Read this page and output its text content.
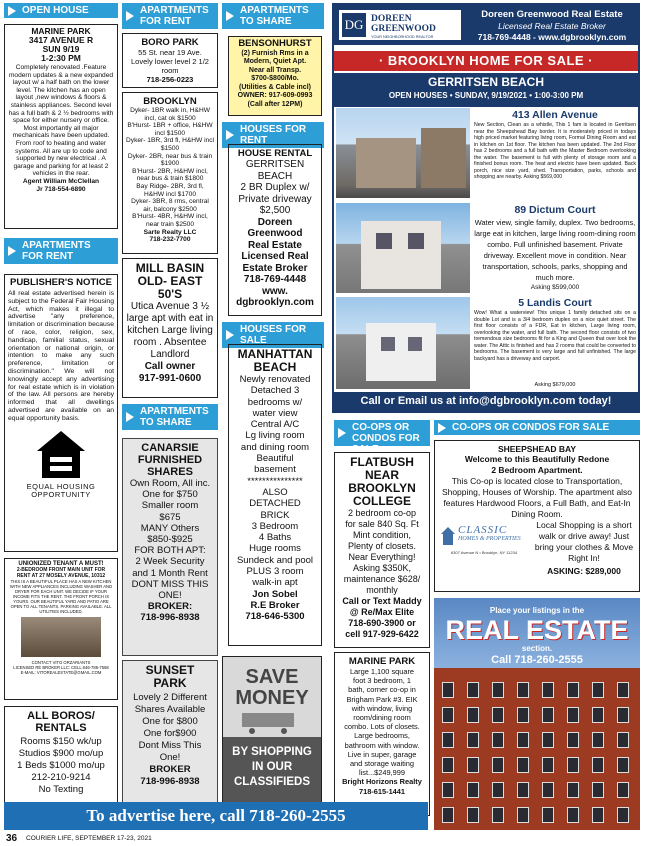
OPEN HOUSE
MARINE PARK
3417 AVENUE R
SUN 9/19
1-2:30 PM
Completely renovated .Feature modern updates & a new expanded layout w/ a half bath on the lower level. The kitchen has an open layout ,new windows & floors & stainless appliances. Second level has a full bath & 2 ½ bedrooms with space for either nursery or office. Most importantly all major mechanicals have been updated. From roof to heating and water systems. All are up to code and supported by new electrical . A garage and parking for at least 2 vehicles in the rear.
Agent William McClellan
Jr 718-554-6890
APARTMENTS FOR RENT
PUBLISHER'S NOTICE
All real estate advertised herein is subject to the Federal Fair Housing Act, which makes it illegal to advertise "any preference, limitation or discrimination because of race, color, religion, sex, handicap, familial status, sexual orientation or national origin, or intention to make any such preference, limitation or discrimination." We will not knowingly accept any advertising for real estate which is in violation of the law. All persons are hereby informed that all dwellings advertised are available on an equal opportunity basis.
EQUAL HOUSING OPPORTUNITY
UNIONIZED TENANT A MUST!
2-BEDROOM FRONT MAIN UNIT FOR
RENT AT 27 MOSELY AVENUE, 10312
THIS IS A BEAUTIFUL PLACE HAS A NEW KITCHEN WITH NEW APPLIANCES INCLUDING WASHER AND DRYER FOR EACH UNIT. WE DECIDE IF YOUR INCOME FITS THE RENT. THE FRONT PORCH IS YOURS. OUR BEAUTIFUL YARD AND PATIO ARE OPEN TO ALL TENANTS. PARKING AVAILABLE. ALL UTILITIES INCLUDED.
CONTACT VITO ORZARIANTS
LICENSED RE BROKER LLC: CELL 646-785-7568
E-MAIL: VITOREALESTATE@GMAIL.COM
ALL BOROS/
RENTALS
Rooms $150 wk/up
Studios $900 mo/up
1 Beds $1000 mo/up
212-210-9214
No Texting
APARTMENTS FOR RENT
BORO PARK
55 St. near 19 Ave.
Lovely lower level 2 1/2
room
718-256-0223
BROOKLYN
Dyker- 1BR walk in, H&HW incl, cat ok $1500
B'Hurst- 1BR + office, H&HW incl $1500
Dyker- 1BR, 3rd fl, H&HW incl $1500
Dyker- 2BR, near bus & train $1900
B'Hurst- 2BR, H&HW incl, near bus & train $1800
Bay Ridge- 2BR, 3rd fl, H&HW incl $1700
Dyker- 3BR, 8 rms, central air, balcony $2500
B'Hurst- 4BR, H&HW incl, near train $2500
Sarte Realty LLC
718-232-7700
MILL BASIN
OLD- EAST
50'S
Utica Avenue 3 ½ large apt with eat in kitchen Large living room . Absentee Landlord
Call owner
917-991-0600
APARTMENTS TO SHARE
CANARSIE
FURNISHED
SHARES
Own Room, All inc.
One for $750
Smaller room
$675
MANY Others
$850-$925
FOR BOTH APT:
2 Week Security
and 1 Month Rent
DONT MISS THIS
ONE!
BROKER:
718-996-8938
SUNSET
PARK
Lovely 2 Different
Shares Available
One for $800
One for$900
Dont Miss This
One!
BROKER
718-996-8938
APARTMENTS TO SHARE
BENSONHURST
(2) Furnish Rms in a
Modern, Quiet Apt.
Near all Transp.
$700-$800/Mo.
(Utilities & Cable incl)
OWNER: 917-609-0993
(Call after 12PM)
HOUSES FOR RENT
HOUSE RENTAL
GERRITSEN
BEACH
2 BR Duplex w/
Private driveway
$2,500
Doreen
Greenwood
Real Estate
Licensed Real
Estate Broker
718-769-4448
www.
dgbrooklyn.com
HOUSES FOR SALE
MANHATTAN
BEACH
Newly renovated
Detached 3
bedrooms w/
water view
Central A/C
Lg living room
and dining room
Beautiful
basement
***************
ALSO
DETACHED
BRICK
3 Bedroom
4 Baths
Huge rooms
Sundeck and pool
PLUS 3 room
walk-in apt
Jon Sobel
R.E Broker
718-646-5300
SAVE
MONEY
BY SHOPPING
IN OUR
CLASSIFIEDS
CO-OPS OR CONDOS FOR SALE
FLATBUSH
NEAR
BROOKLYN
COLLEGE
2 bedroom co-op
for sale 840 Sq. Ft
Mint condition,
Plenty of closets.
Near Everything!
Asking $350K,
maintenance $628/
monthly
Call or Text Maddy
@ Re/Max Elite
718-690-3900 or
cell 917-929-6422
MARINE PARK
Large 1,100 square
foot 3 bedroom, 1
bath, corner co-op in
Brigham Park #3. EIK
with window, living
room/dining room
combo. Lots of closets.
Large bedrooms,
bathroom with window.
Live in super, garage
and storage waiting
list...$249,999
Bright Horizons Realty
718-615-1441
DG DOREEN
GREENWOOD
YOUR NEIGHBORHOOD REALTOR
Doreen Greenwood Real Estate
Licensed Real Estate Broker
718-769-4448 - www.dgbrooklyn.com
· BROOKLYN HOME FOR SALE ·
GERRITSEN BEACH
OPEN HOUSES • SUNDAY, 9/19/2021 • 1:00-3:00 PM
413 Allen Avenue
New Section, Clean as a whistle, This 1 fam is located in Gerritsen near the Sheepshead Bay border. It is moderately priced in todays high priced market featuring living room, Formal Dining Room and eat in kitchen on 1st floor. The kitchen has been updated. The 2nd Floor has 2 bedrooms and a full bath with the Master Bedroom overlooking the water. The basement is full with plenty of storage room and a finished bonus room. The heat and electric have been updated. Back porch, nice size yard, shed. Transportation, parks, schools and shopping are nearby. Asking $569,000
89 Dictum Court
Water view, single family, duplex. Two bedrooms, large eat in kitchen, large living room-dining room combo. Full unfinished basement. Private driveway. Excellent move in condition. Near transportation, schools, parks, shopping and much more.
Asking $599,000
5 Landis Court
Wow! What a waterview! This unique 1 family detached sits on a double Lot and is a 3/4 bedroom duplex on a nice quiet street. The first floor consists of a FDR, Eat in kitchen, Large living room, overlooking the water, and full bath. The second floor consists of two tremendous size bedrooms fit for a King and Queen that over look the water. The Attic is finished and has 2 rooms that could be converted to bedrooms. The basement is very large and full unfinished. The large backyard has a driveway and carport.
Asking $679,000
Call or Email us at info@dgbrooklyn.com today!
CO-OPS OR CONDOS FOR SALE
SHEEPSHEAD BAY
Welcome to this Beautifully Redone
2 Bedroom Apartment.
This Co-op is located close to Transportation, Shopping, Houses of Worship. The apartment also features Hardwood Floors, a Full Bath, and Eat-In Dining Room.
CLASSIC
HOMES & PROPERTIES
6307 Avenue N • Brooklyn, NY 11234
Local Shopping is a short walk or drive away! Just bring your clothes & Move Right In!
ASKING: $289,000
Place your listings in the
REAL ESTATE
section.
Call 718-260-2555
To advertise here, call 718-260-2555
36 COURIER LIFE, SEPTEMBER 17-23, 2021
